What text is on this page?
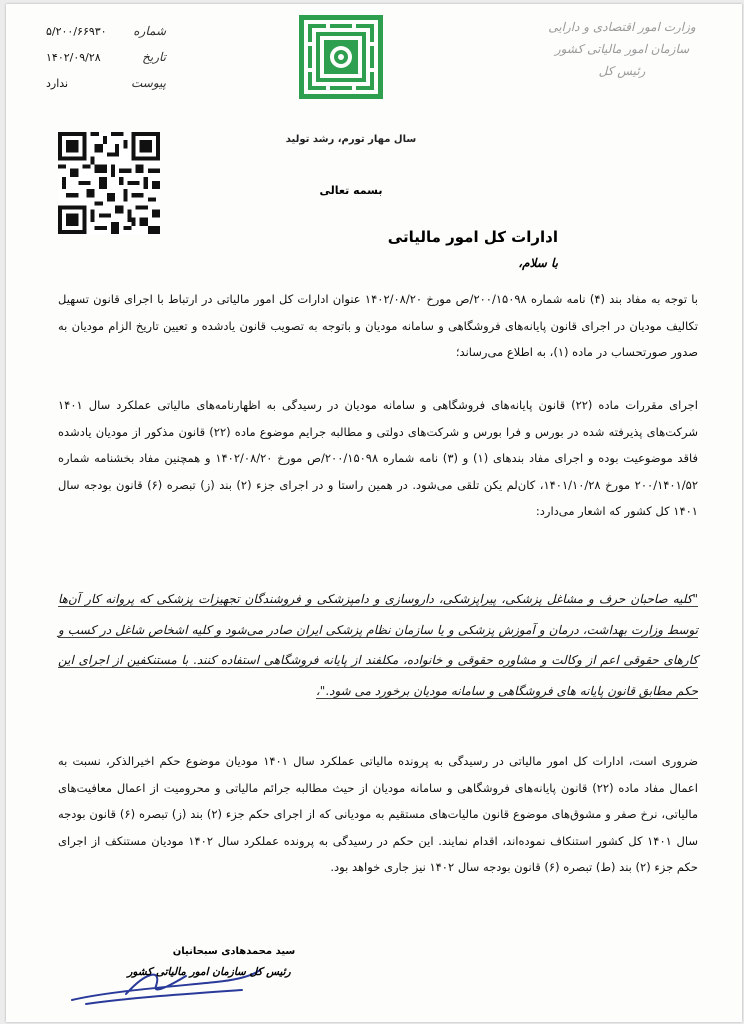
وزارت امور اقتصادی و دارایی
سازمان امور مالیاتی کشور
رئیس کل
سال مهار تورم، رشد تولید
شماره
۵/۲۰۰/۶۶۹۳۰
تاریخ
۱۴۰۲/۰۹/۲۸
پیوست
ندارد
بسمه تعالی
ادارات کل امور مالیاتی
با سلام،
با توجه به مفاد بند (۴) نامه شماره ۲۰۰/۱۵۰۹۸/ص مورخ ۱۴۰۲/۰۸/۲۰ عنوان ادارات کل امور مالیاتی در ارتباط با اجرای قانون تسهیل تکالیف مودیان در اجرای قانون پایانه‌های فروشگاهی و سامانه مودیان و باتوجه به تصویب قانون یادشده و تعیین تاریخ الزام مودیان به صدور صورتحساب در ماده (۱)، به اطلاع می‌رساند؛
اجرای مقررات ماده (۲۲) قانون پایانه‌های فروشگاهی و سامانه مودیان در رسیدگی به اظهارنامه‌های مالیاتی عملکرد سال ۱۴۰۱ شرکت‌های پذیرفته شده در بورس و فرا بورس و شرکت‌های دولتی و مطالبه جرایم موضوع ماده (۲۲) قانون مذکور از مودیان یادشده فاقد موضوعیت بوده و اجرای مفاد بندهای (۱) و (۳) نامه شماره ۲۰۰/۱۵۰۹۸/ص مورخ ۱۴۰۲/۰۸/۲۰ و همچنین مفاد بخشنامه شماره ۲۰۰/۱۴۰۱/۵۲ مورخ ۱۴۰۱/۱۰/۲۸، کان‌لم یکن تلقی می‌شود. در همین راستا و در اجرای جزء (۲) بند (ز) تبصره (۶) قانون بودجه سال ۱۴۰۱ کل کشور که اشعار می‌دارد:
"کلیه صاحبان حرف و مشاغل پزشکی، پیراپزشکی، داروسازی و دامپزشکی و فروشندگان تجهیزات پزشکی که پروانه کار آن‌ها توسط وزارت بهداشت، درمان و آموزش پزشکی و یا سازمان نظام پزشکی ایران صادر می‌شود و کلیه اشخاص شاغل در کسب و کارهای حقوقی اعم از وکالت و مشاوره حقوقی و خانواده، مکلفند از پایانه فروشگاهی استفاده کنند. با مستنکفین از اجرای این حکم مطابق قانون پایانه های فروشگاهی و سامانه مودیان برخورد می شود."،
ضروری است، ادارات کل امور مالیاتی در رسیدگی به پرونده مالیاتی عملکرد سال ۱۴۰۱ مودیان موضوع حکم اخیرالذکر، نسبت به اعمال مفاد ماده (۲۲) قانون پایانه‌های فروشگاهی و سامانه مودیان از حیث مطالبه جرائم مالیاتی و محرومیت از اعمال معافیت‌های مالیاتی، نرخ صفر و مشوق‌های موضوع قانون مالیات‌های مستقیم به مودیانی که از اجرای حکم جزء (۲) بند (ز) تبصره (۶) قانون بودجه سال ۱۴۰۱ کل کشور استنکاف نموده‌اند، اقدام نمایند. این حکم در رسیدگی به پرونده عملکرد سال ۱۴۰۲ مودیان مستنکف از اجرای حکم جزء (۲) بند (ط) تبصره (۶) قانون بودجه سال ۱۴۰۲ نیز جاری خواهد بود.
سید محمدهادی سبحانیان
رئیس کل سازمان امور مالیاتی کشور
